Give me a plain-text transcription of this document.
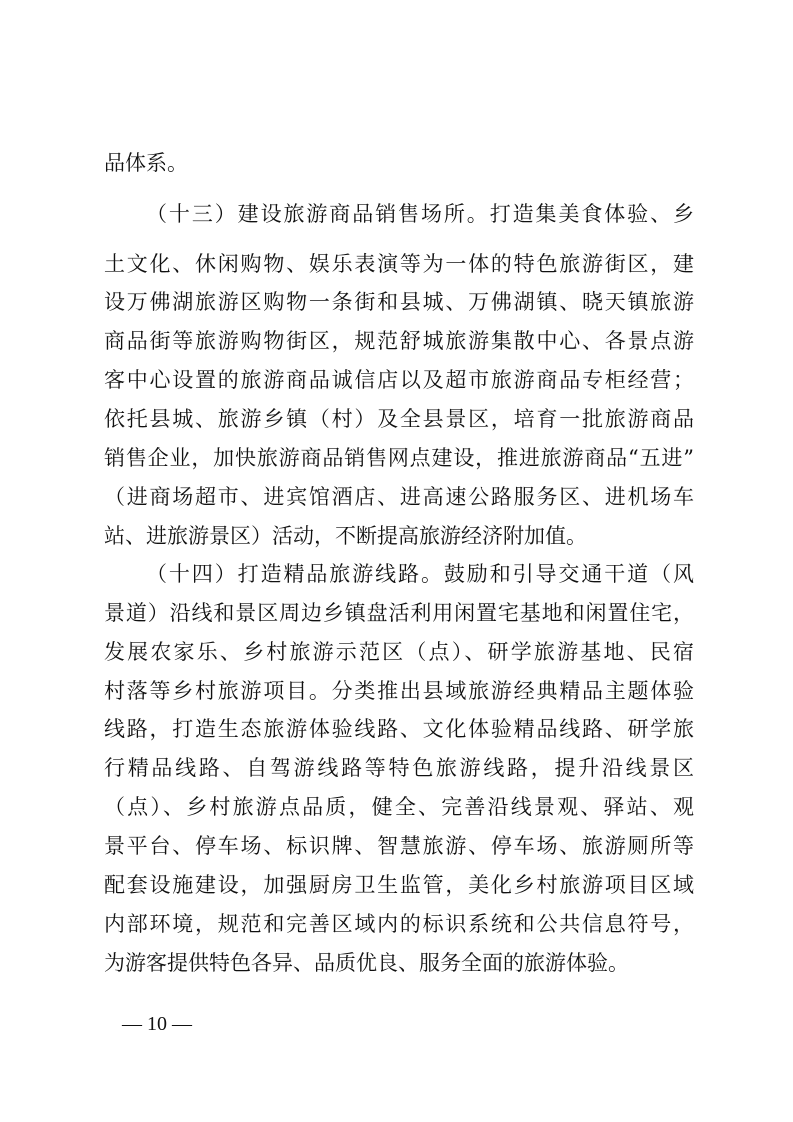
品体系。
（十三）建设旅游商品销售场所。打造集美食体验、乡
土文化、休闲购物、娱乐表演等为一体的特色旅游街区，建
设万佛湖旅游区购物一条街和县城、万佛湖镇、晓天镇旅游
商品街等旅游购物街区，规范舒城旅游集散中心、各景点游
客中心设置的旅游商品诚信店以及超市旅游商品专柜经营；
依托县城、旅游乡镇（村）及全县景区，培育一批旅游商品
销售企业，加快旅游商品销售网点建设，推进旅游商品“五进”
（进商场超市、进宾馆酒店、进高速公路服务区、进机场车
站、进旅游景区）活动，不断提高旅游经济附加值。
（十四）打造精品旅游线路。鼓励和引导交通干道（风
景道）沿线和景区周边乡镇盘活利用闲置宅基地和闲置住宅，
发展农家乐、乡村旅游示范区（点）、研学旅游基地、民宿
村落等乡村旅游项目。分类推出县域旅游经典精品主题体验
线路，打造生态旅游体验线路、文化体验精品线路、研学旅
行精品线路、自驾游线路等特色旅游线路，提升沿线景区
（点）、乡村旅游点品质，健全、完善沿线景观、驿站、观
景平台、停车场、标识牌、智慧旅游、停车场、旅游厕所等
配套设施建设，加强厨房卫生监管，美化乡村旅游项目区域
内部环境，规范和完善区域内的标识系统和公共信息符号，
为游客提供特色各异、品质优良、服务全面的旅游体验。
— 10 —
